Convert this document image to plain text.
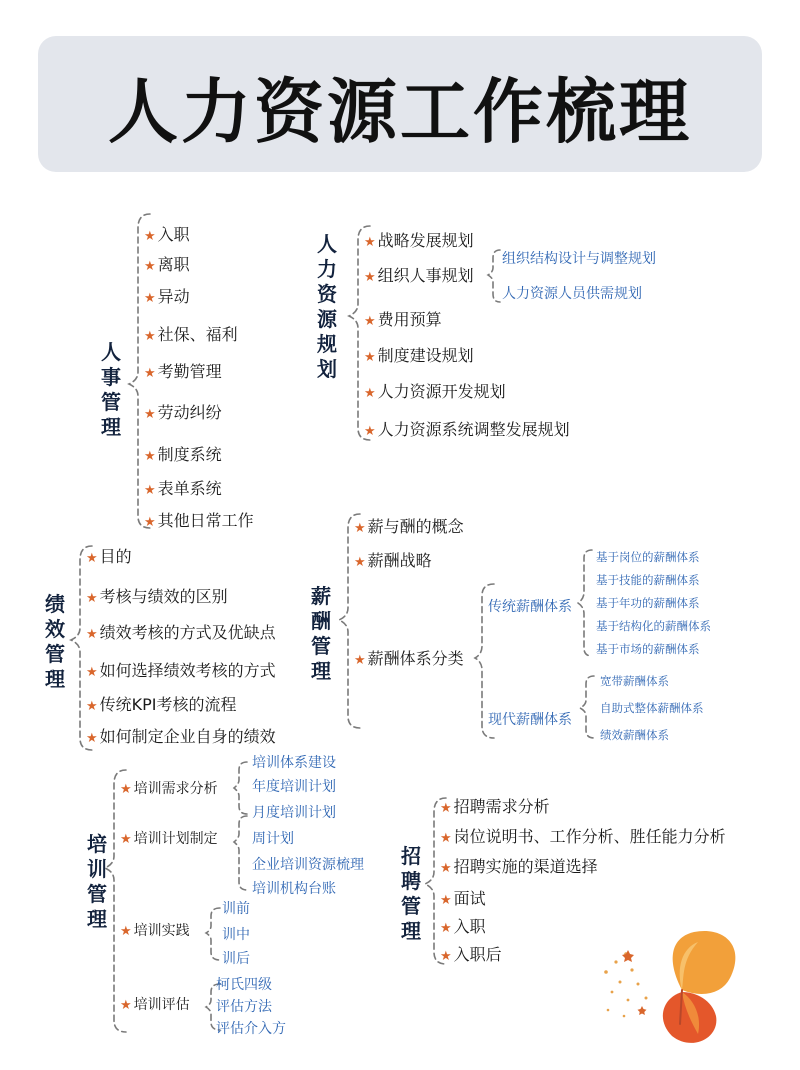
人力资源工作梳理
人事管理
★ 入职
★ 离职
★ 异动
★ 社保、福利
★ 考勤管理
★ 劳动纠纷
★ 制度系统
★ 表单系统
★ 其他日常工作
人力资源规划
★ 战略发展规划
★ 组织人事规划
★ 费用预算
★ 制度建设规划
★ 人力资源开发规划
★ 人力资源系统调整发展规划
组织结构设计与调整规划
人力资源人员供需规划
绩效管理
★ 目的
★ 考核与绩效的区别
★ 绩效考核的方式及优缺点
★ 如何选择绩效考核的方式
★ 传统KPI考核的流程
★ 如何制定企业自身的绩效
薪酬管理
★ 薪与酬的概念
★ 薪酬战略
★ 薪酬体系分类
传统薪酬体系
现代薪酬体系
基于岗位的薪酬体系
基于技能的薪酬体系
基于年功的薪酬体系
基于结构化的薪酬体系
基于市场的薪酬体系
宽带薪酬体系
自助式整体薪酬体系
绩效薪酬体系
培训管理
★ 培训需求分析
★ 培训计划制定
★ 培训实践
★ 培训评估
培训体系建设
年度培训计划
月度培训计划
周计划
企业培训资源梳理
培训机构台账
训前
训中
训后
柯氏四级
评估方法
评估介入方
招聘管理
★ 招聘需求分析
★ 岗位说明书、工作分析、胜任能力分析
★ 招聘实施的渠道选择
★ 面试
★ 入职
★ 入职后
